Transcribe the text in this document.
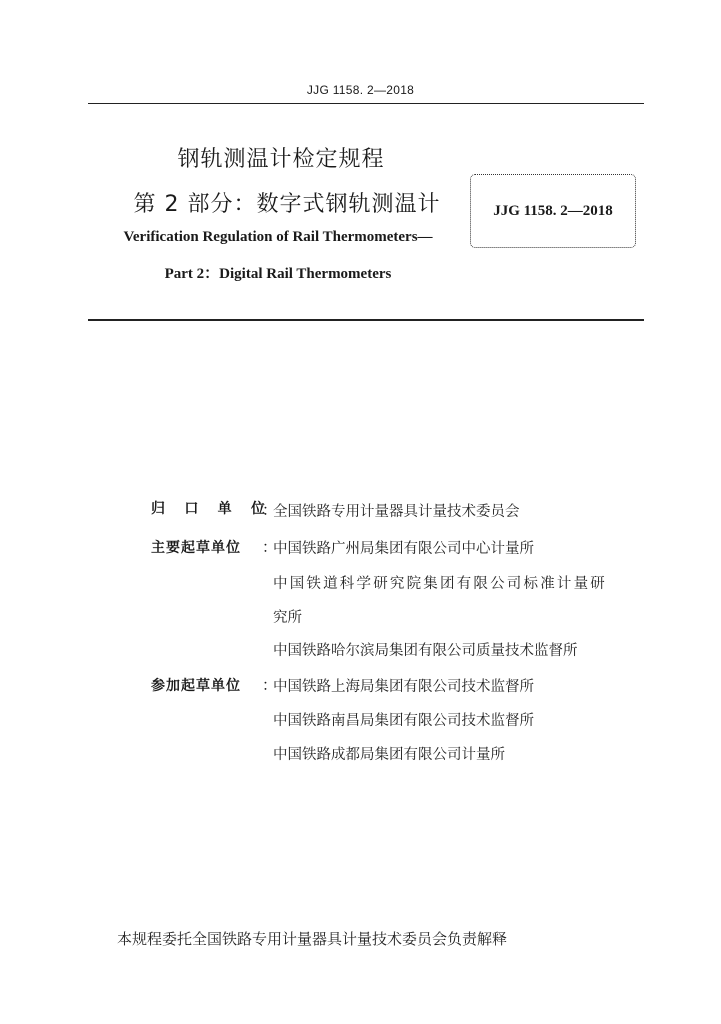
JJG 1158. 2—2018
钢轨测温计检定规程
第 2 部分：数字式钢轨测温计
Verification Regulation of Rail Thermometers—
Part 2：Digital Rail Thermometers
JJG 1158. 2—2018
归 口 单 位
：
全国铁路专用计量器具计量技术委员会
主要起草单位	：
中国铁路广州局集团有限公司中心计量所
中国铁道科学研究院集团有限公司标准计量研
究所
中国铁路哈尔滨局集团有限公司质量技术监督所
参加起草单位	：
中国铁路上海局集团有限公司技术监督所
中国铁路南昌局集团有限公司技术监督所
中国铁路成都局集团有限公司计量所
本规程委托全国铁路专用计量器具计量技术委员会负责解释
